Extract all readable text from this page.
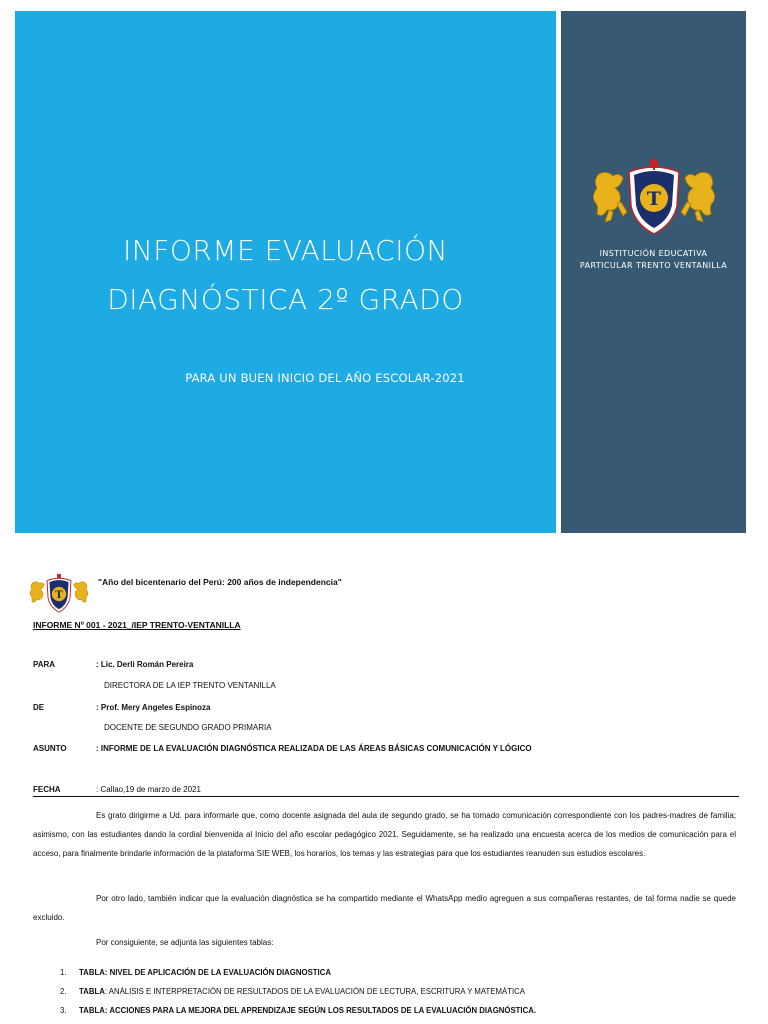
INFORME EVALUACIÓN
DIAGNÓSTICA 2º GRADO
PARA UN BUEN INICIO DEL AÑO ESCOLAR-2021
T
INSTITUCIÓN EDUCATIVA
PARTICULAR TRENTO VENTANILLA
T
"Año del bicentenario del Perú: 200 años de independencia"
INFORME Nº 001 - 2021_/IEP TRENTO-VENTANILLA
PARA	: Lic. Derli Román Pereira
DIRECTORA DE LA IEP TRENTO VENTANILLA
DE	: Prof. Mery Angeles Espinoza
DOCENTE DE SEGUNDO GRADO PRIMARIA
ASUNTO	: INFORME DE LA EVALUACIÓN DIAGNÓSTICA REALIZADA DE LAS ÁREAS BÁSICAS COMUNICACIÓN Y LÓGICO
FECHA	: Callao,19 de marzo de 2021

Es grato dirigirme a Ud. para informarle que, como docente asignada del aula de segundo grado, se ha tomado comunicación correspondiente con los padres-madres de familia; asimismo, con las estudiantes dando la cordial bienvenida al Inicio del año escolar pedagógico 2021. Seguidamente, se ha realizado una encuesta acerca de los medios de comunicación para el acceso, para finalmente brindarle información de la plataforma SIE WEB, los horarios, los temas y las estrategias para que los estudiantes reanuden sus estudios escolares.

Por otro lado, también indicar que la evaluación diagnóstica se ha compartido mediante el WhatsApp medio agreguen a sus compañeras restantes, de tal forma nadie se quede excluido.

Por consiguiente, se adjunta las siguientes tablas:
1. TABLA: NIVEL DE APLICACIÓN DE LA EVALUACIÓN DIAGNOSTICA
2. TABLA: ANÁLISIS E INTERPRETACIÓN DE RESULTADOS DE LA EVALUACIÓN DE LECTURA, ESCRITURA Y MATEMÁTICA
3. TABLA: ACCIONES PARA LA MEJORA DEL APRENDIZAJE SEGÚN LOS RESULTADOS DE LA EVALUACIÓN DIAGNÓSTICA.
